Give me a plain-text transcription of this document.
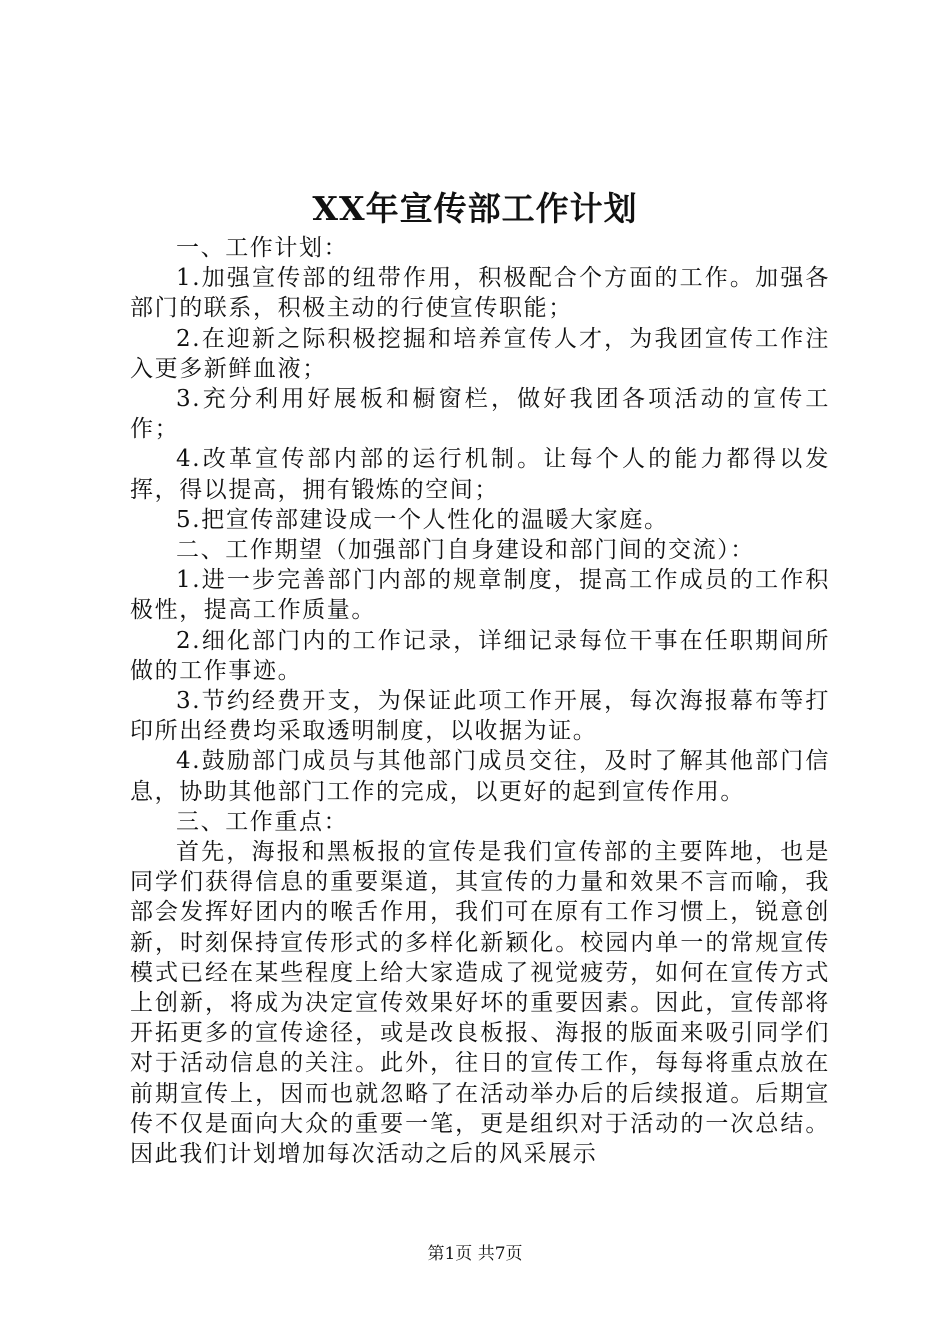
XX年宣传部工作计划

一、工作计划：

1.加强宣传部的纽带作用，积极配合个方面的工作。加强各部门的联系，积极主动的行使宣传职能；

2.在迎新之际积极挖掘和培养宣传人才，为我团宣传工作注入更多新鲜血液；

3.充分利用好展板和橱窗栏，做好我团各项活动的宣传工作；

4.改革宣传部内部的运行机制。让每个人的能力都得以发挥，得以提高，拥有锻炼的空间；

5.把宣传部建设成一个人性化的温暖大家庭。

二、工作期望（加强部门自身建设和部门间的交流）：

1.进一步完善部门内部的规章制度，提高工作成员的工作积极性，提高工作质量。

2.细化部门内的工作记录，详细记录每位干事在任职期间所做的工作事迹。

3.节约经费开支，为保证此项工作开展，每次海报幕布等打印所出经费均采取透明制度，以收据为证。

4.鼓励部门成员与其他部门成员交往，及时了解其他部门信息，协助其他部门工作的完成，以更好的起到宣传作用。

三、工作重点：

首先，海报和黑板报的宣传是我们宣传部的主要阵地，也是同学们获得信息的重要渠道，其宣传的力量和效果不言而喻，我部会发挥好团内的喉舌作用，我们可在原有工作习惯上，锐意创新，时刻保持宣传形式的多样化新颖化。校园内单一的常规宣传模式已经在某些程度上给大家造成了视觉疲劳，如何在宣传方式上创新，将成为决定宣传效果好坏的重要因素。因此，宣传部将开拓更多的宣传途径，或是改良板报、海报的版面来吸引同学们对于活动信息的关注。此外，往日的宣传工作，每每将重点放在前期宣传上，因而也就忽略了在活动举办后的后续报道。后期宣传不仅是面向大众的重要一笔，更是组织对于活动的一次总结。因此我们计划增加每次活动之后的风采展示

第1页 共7页
